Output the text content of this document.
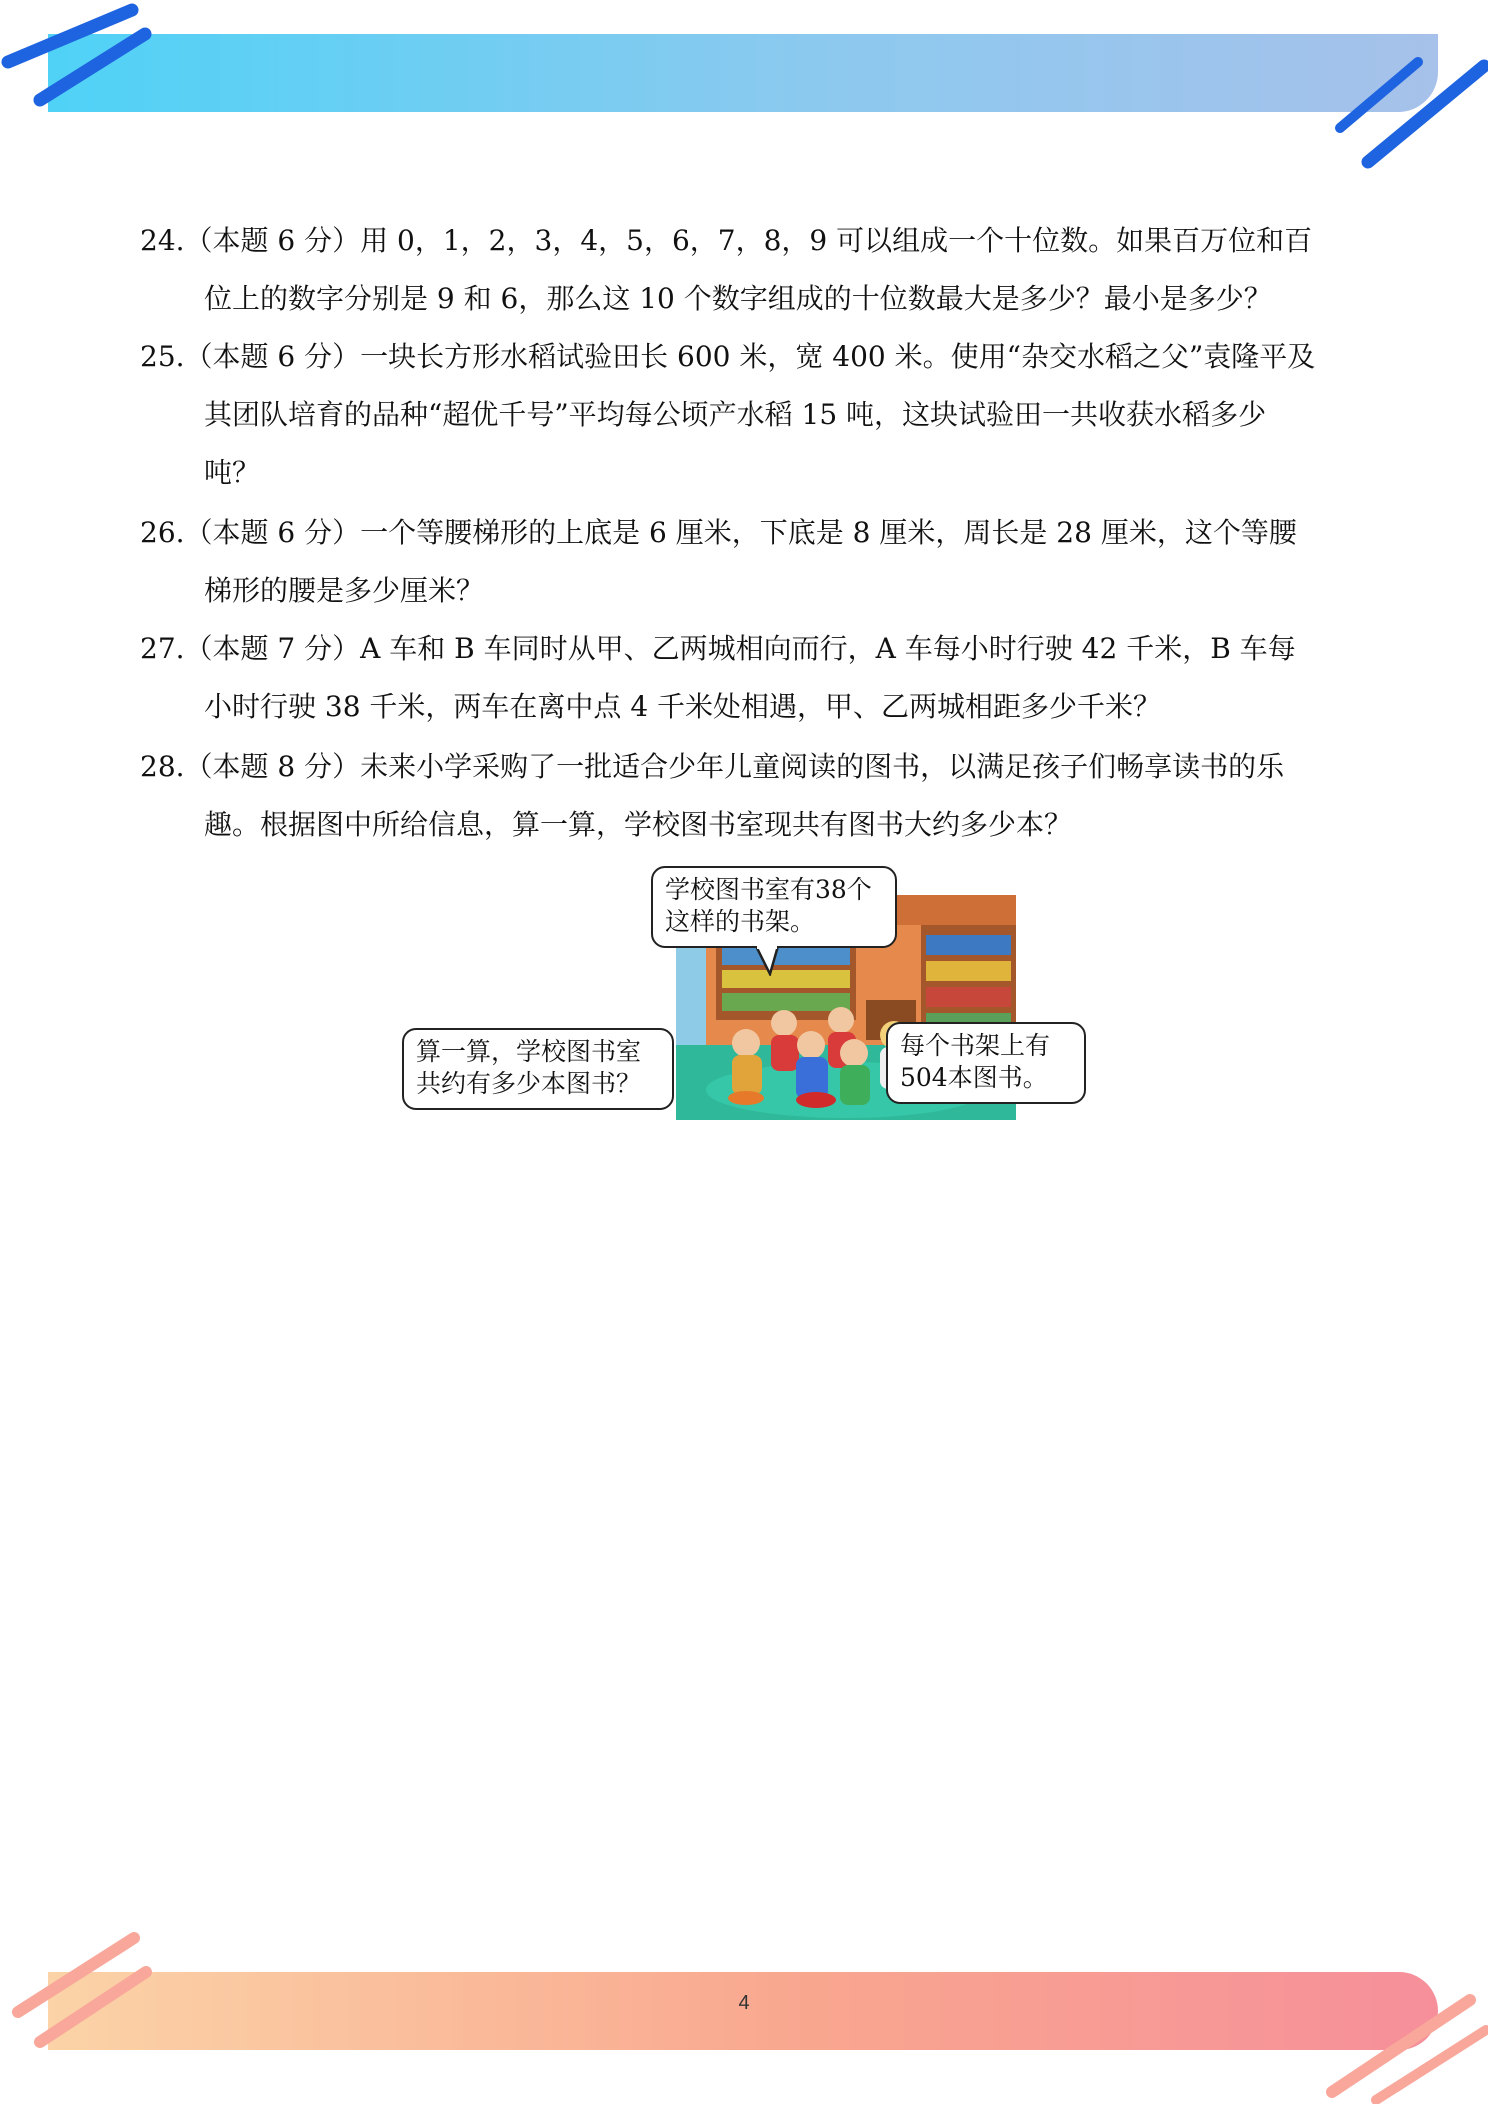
24.（本题 6 分）用 0，1，2，3，4，5，6，7，8，9 可以组成一个十位数。如果百万位和百
位上的数字分别是 9 和 6，那么这 10 个数字组成的十位数最大是多少？最小是多少？
25.（本题 6 分）一块长方形水稻试验田长 600 米，宽 400 米。使用“杂交水稻之父”袁隆平及
其团队培育的品种“超优千号”平均每公顷产水稻 15 吨，这块试验田一共收获水稻多少
吨？
26.（本题 6 分）一个等腰梯形的上底是 6 厘米，下底是 8 厘米，周长是 28 厘米，这个等腰
梯形的腰是多少厘米？
27.（本题 7 分）A 车和 B 车同时从甲、乙两城相向而行，A 车每小时行驶 42 千米，B 车每
小时行驶 38 千米，两车在离中点 4 千米处相遇，甲、乙两城相距多少千米？
28.（本题 8 分）未来小学采购了一批适合少年儿童阅读的图书，以满足孩子们畅享读书的乐
趣。根据图中所给信息，算一算，学校图书室现共有图书大约多少本？
学校图书室有38个
这样的书架。
算一算，学校图书室
共约有多少本图书？
每个书架上有
504本图书。
4
